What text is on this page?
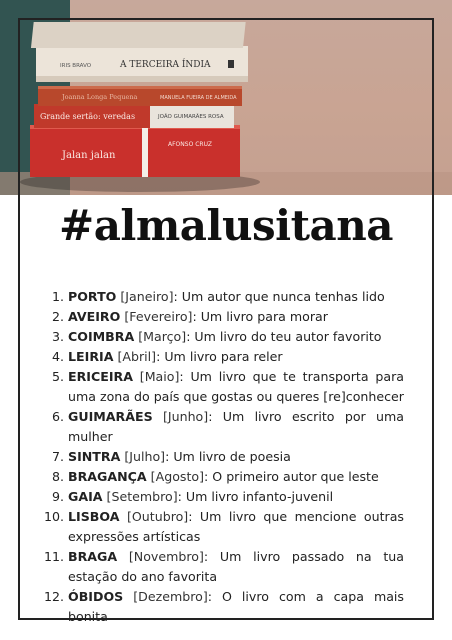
Jalan jalan
AFONSO CRUZ
Grande sertão: veredas	JOÃO GUIMARÃES ROSA
Joanna Longa Pequena	MANUELA FUEIRA DE ALMEIDA
IRIS BRAVO	A TERCEIRA ÍNDIA
#almalusitana
1. PORTO [Janeiro]: Um autor que nunca tenhas lido
2. AVEIRO [Fevereiro]: Um livro para morar
3. COIMBRA [Março]: Um livro do teu autor favorito
4. LEIRIA [Abril]: Um livro para reler
5. ERICEIRA [Maio]: Um livro que te transporta para uma zona do país que gostas ou queres [re]conhecer
6. GUIMARÃES [Junho]: Um livro escrito por uma mulher
7. SINTRA [Julho]: Um livro de poesia
8. BRAGANÇA [Agosto]: O primeiro autor que leste
9. GAIA [Setembro]: Um livro infanto-juvenil
10. LISBOA [Outubro]: Um livro que mencione outras expressões artísticas
11. BRAGA [Novembro]: Um livro passado na tua estação do ano favorita
12. ÓBIDOS [Dezembro]: O livro com a capa mais bonita
